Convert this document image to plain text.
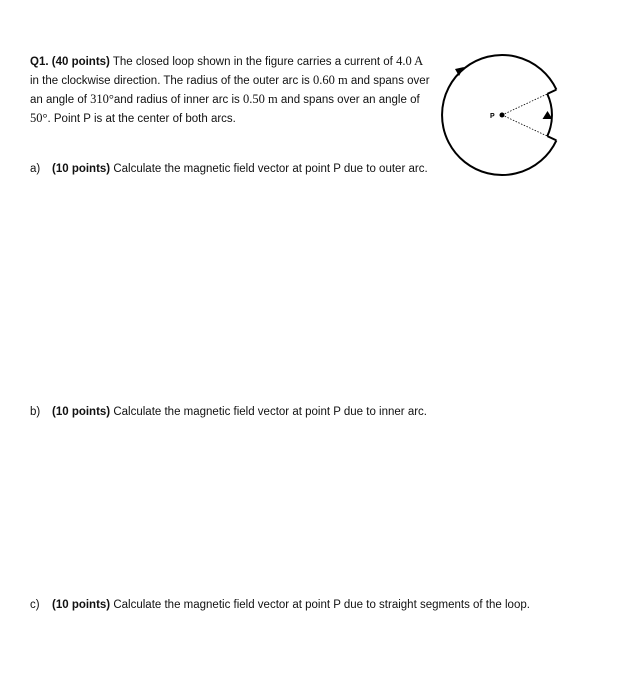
Q1. (40 points) The closed loop shown in the figure carries a current of 4.0 A in the clockwise direction. The radius of the outer arc is 0.60 m and spans over an angle of 310°and radius of inner arc is 0.50 m and spans over an angle of 50°. Point P is at the center of both arcs.	P
a) (10 points) Calculate the magnetic field vector at point P due to outer arc.
b) (10 points) Calculate the magnetic field vector at point P due to inner arc.
c) (10 points) Calculate the magnetic field vector at point P due to straight segments of the loop.
